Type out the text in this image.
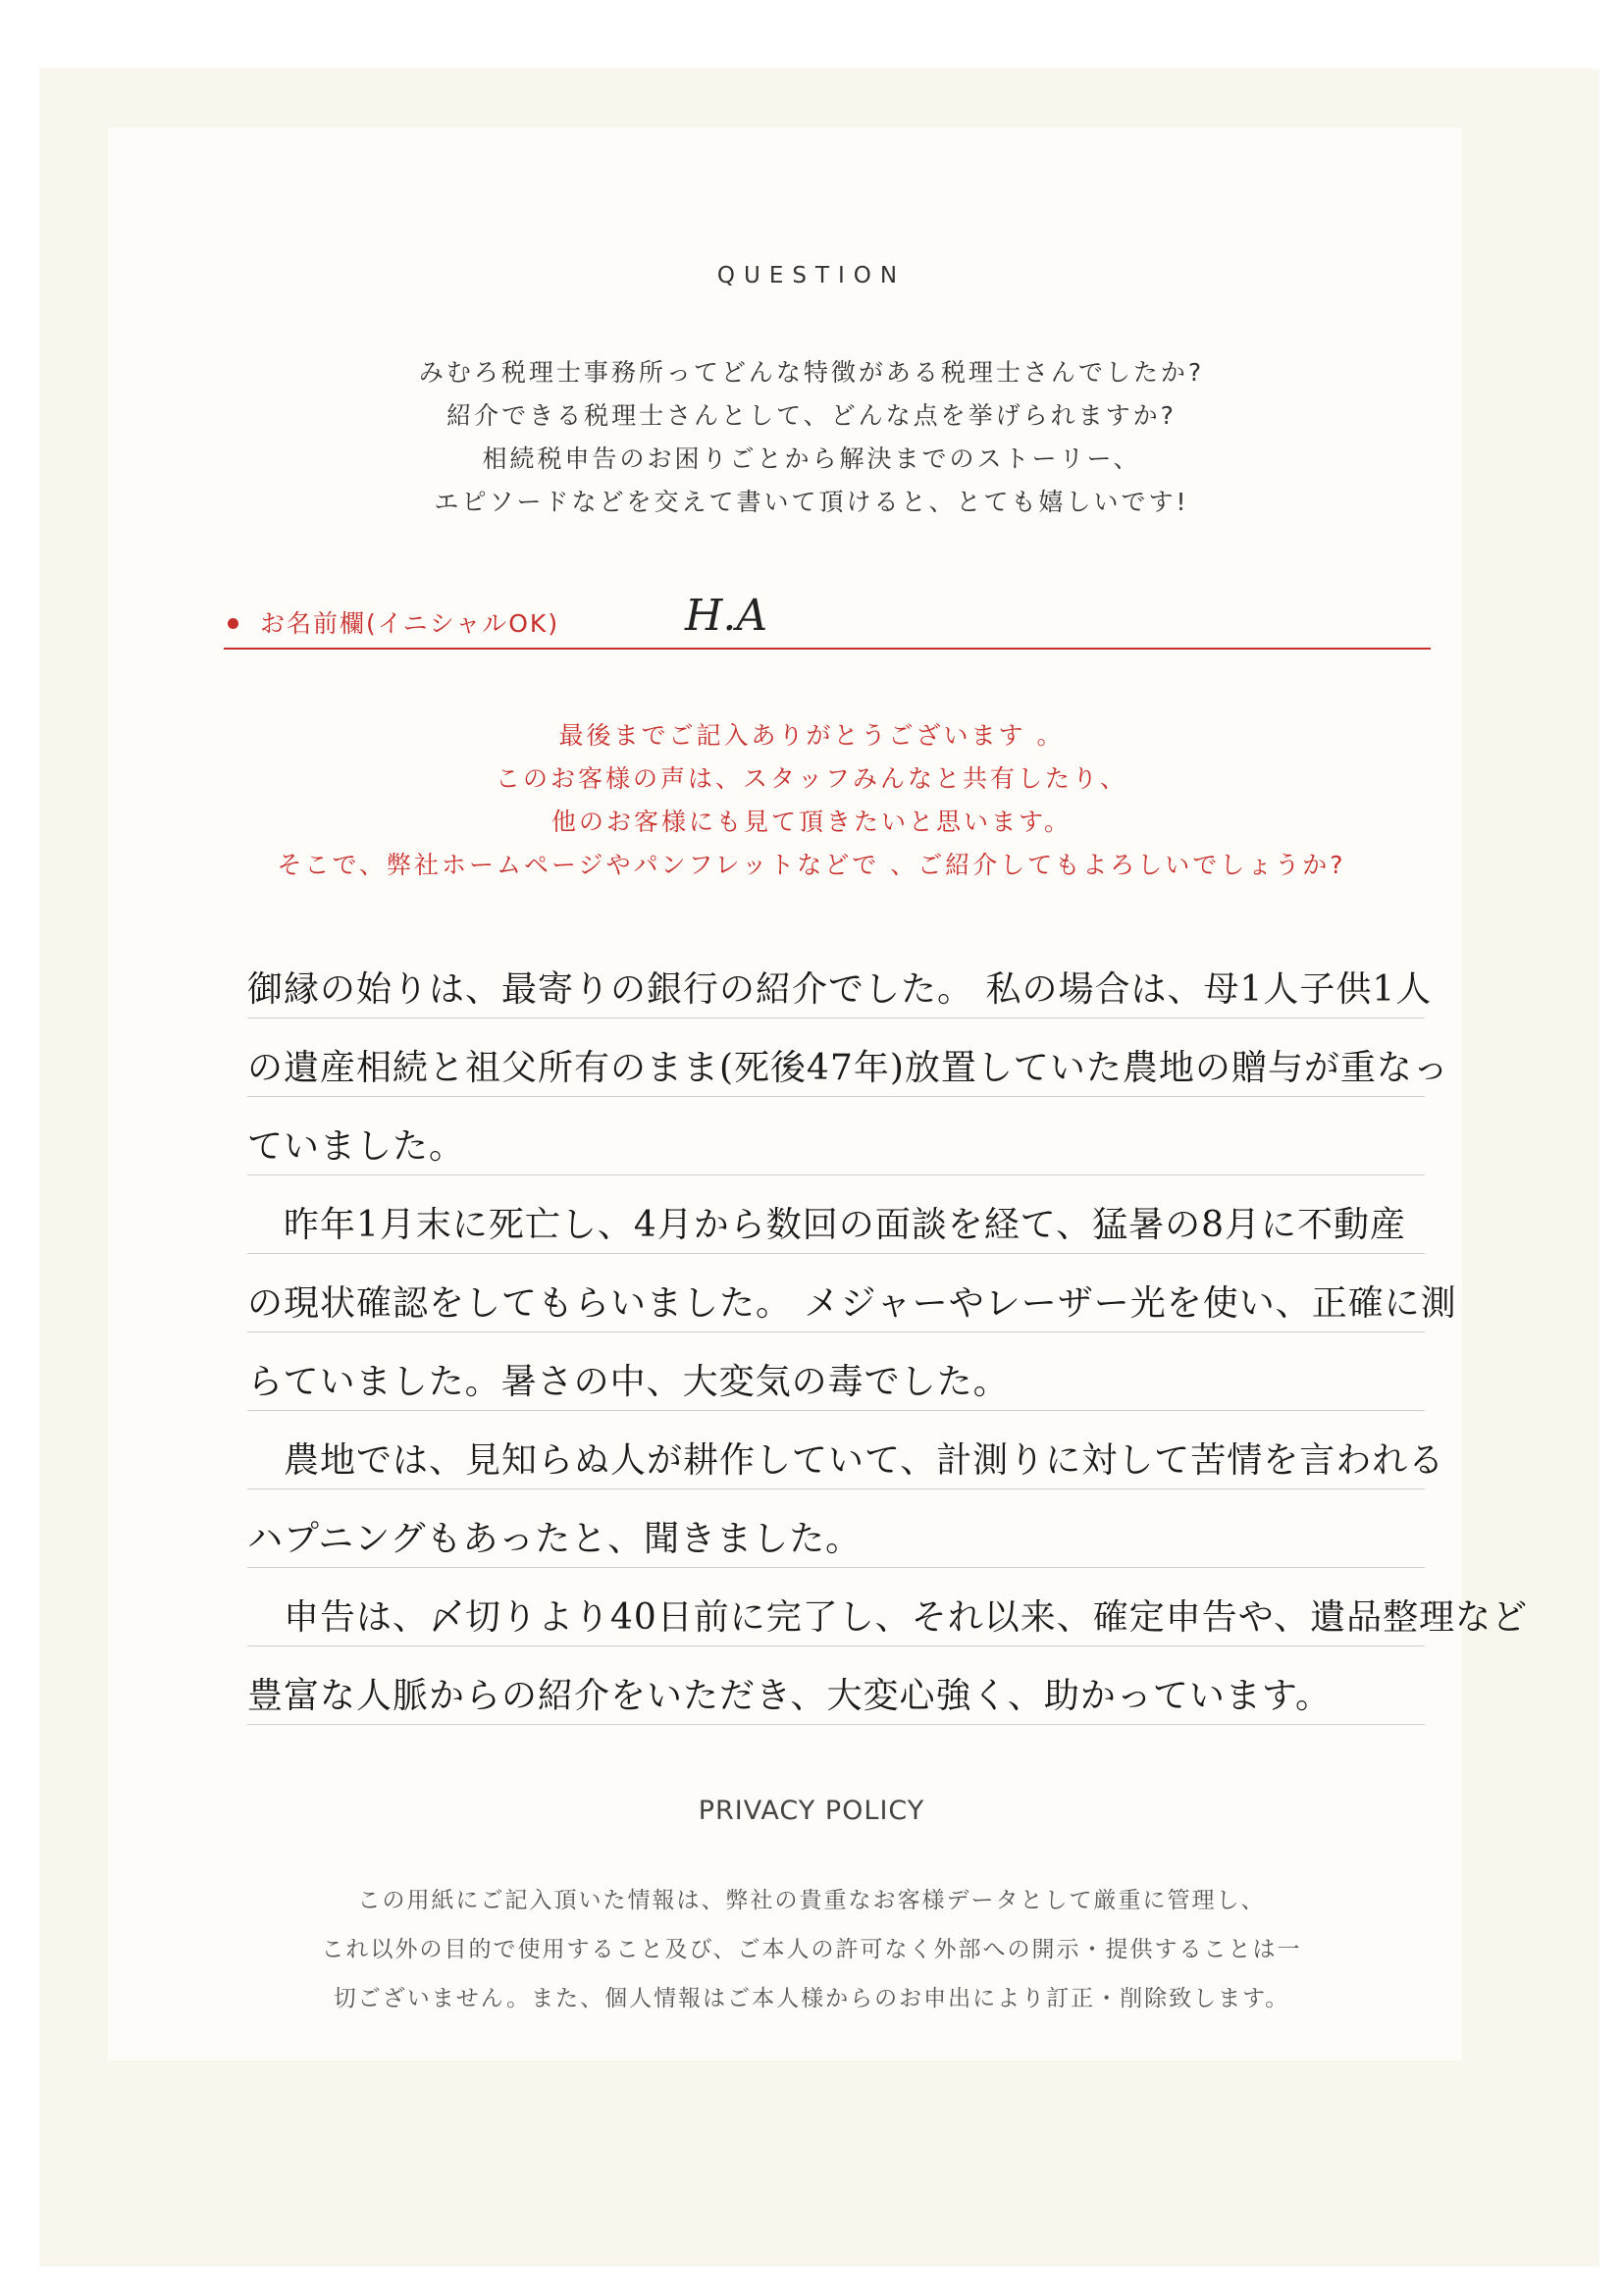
QUESTION
みむろ税理士事務所ってどんな特徴がある税理士さんでしたか?
紹介できる税理士さんとして、どんな点を挙げられますか?
相続税申告のお困りごとから解決までのストーリー、
エピソードなどを交えて書いて頂けると、とても嬉しいです!
お名前欄(イニシャルOK)	H.A
最後までご記入ありがとうございます 。
このお客様の声は、スタッフみんなと共有したり、
他のお客様にも見て頂きたいと思います。
そこで、弊社ホームページやパンフレットなどで 、ご紹介してもよろしいでしょうか?
御縁の始りは、最寄りの銀行の紹介でした。 私の場合は、母1人子供1人
の遺産相続と祖父所有のまま(死後47年)放置していた農地の贈与が重なっ
ていました。
　昨年1月末に死亡し、4月から数回の面談を経て、猛暑の8月に不動産
の現状確認をしてもらいました。 メジャーやレーザー光を使い、正確に測
らていました。暑さの中、大変気の毒でした。
　農地では、見知らぬ人が耕作していて、計測りに対して苦情を言われる
ハプニングもあったと、聞きました。
　申告は、〆切りより40日前に完了し、それ以来、確定申告や、遺品整理など
豊富な人脈からの紹介をいただき、大変心強く、助かっています。
PRIVACY POLICY
この用紙にご記入頂いた情報は、弊社の貴重なお客様データとして厳重に管理し、
これ以外の目的で使用すること及び、ご本人の許可なく外部への開示・提供することは一
切ございません。また、個人情報はご本人様からのお申出により訂正・削除致します。
